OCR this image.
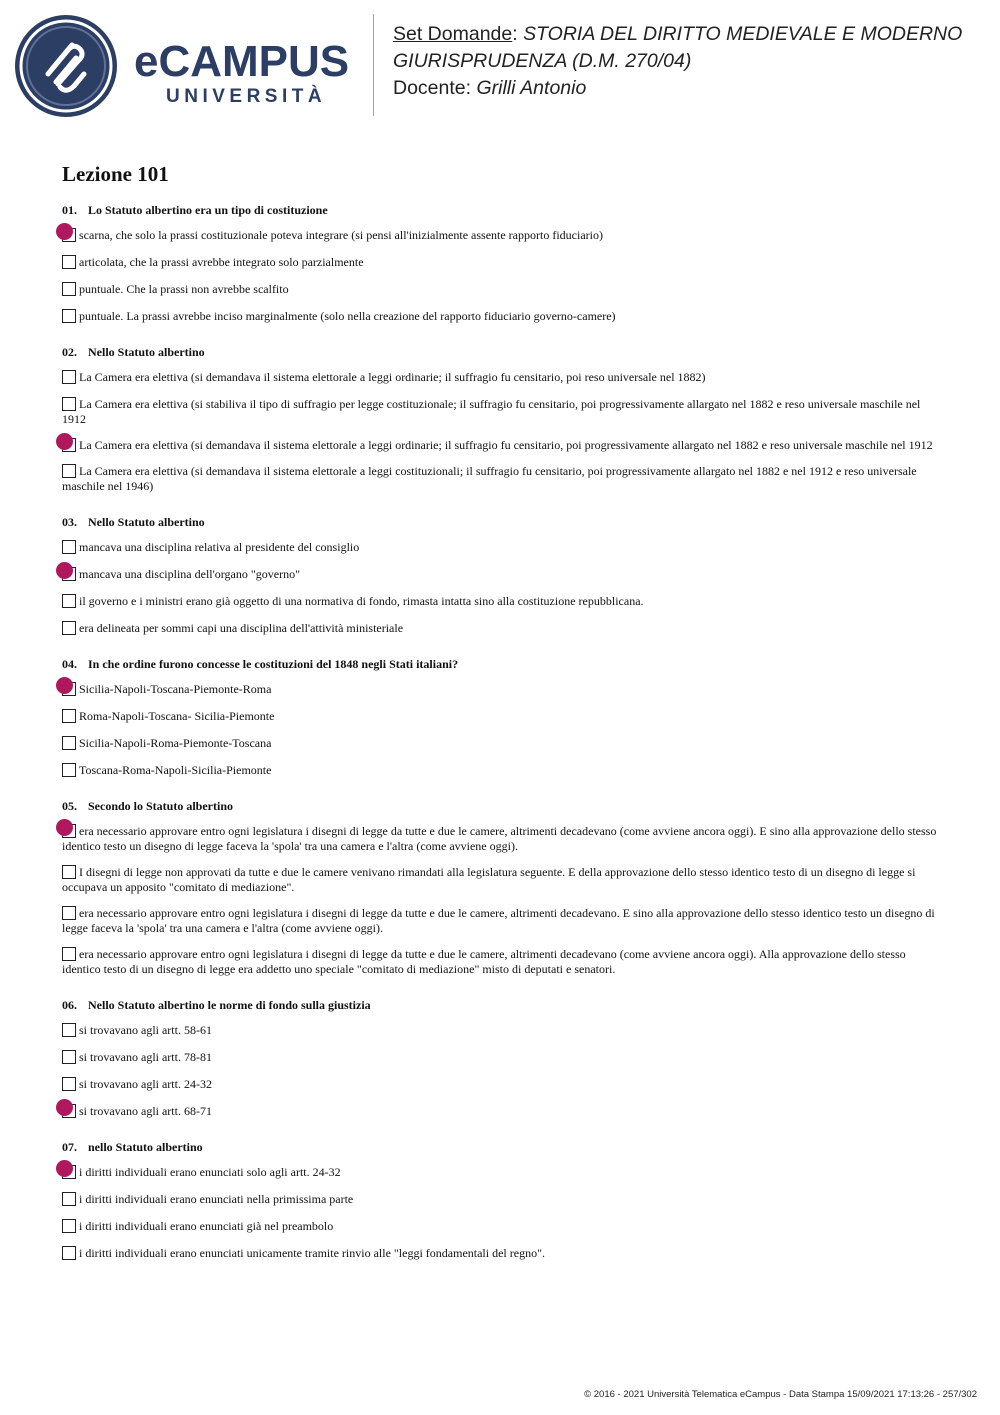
eCAMPUS
UNIVERSITÀ
Set Domande: STORIA DEL DIRITTO MEDIEVALE E MODERNO
GIURISPRUDENZA (D.M. 270/04)
Docente: Grilli Antonio
Lezione 101
01. Lo Statuto albertino era un tipo di costituzione
scarna, che solo la prassi costituzionale poteva integrare (si pensi all'inizialmente assente rapporto fiduciario)
articolata, che la prassi avrebbe integrato solo parzialmente
puntuale. Che la prassi non avrebbe scalfito
puntuale. La prassi avrebbe inciso marginalmente (solo nella creazione del rapporto fiduciario governo-camere)
02. Nello Statuto albertino
La Camera era elettiva (si demandava il sistema elettorale a leggi ordinarie; il suffragio fu censitario, poi reso universale nel 1882)
La Camera era elettiva (si stabiliva il tipo di suffragio per legge costituzionale; il suffragio fu censitario, poi progressivamente allargato nel 1882 e reso universale maschile nel 1912
La Camera era elettiva (si demandava il sistema elettorale a leggi ordinarie; il suffragio fu censitario, poi progressivamente allargato nel 1882 e reso universale maschile nel 1912
La Camera era elettiva (si demandava il sistema elettorale a leggi costituzionali; il suffragio fu censitario, poi progressivamente allargato nel 1882 e nel 1912 e reso universale maschile nel 1946)
03. Nello Statuto albertino
mancava una disciplina relativa al presidente del consiglio
mancava una disciplina dell'organo "governo"
il governo e i ministri erano già oggetto di una normativa di fondo, rimasta intatta sino alla costituzione repubblicana.
era delineata per sommi capi una disciplina dell'attività ministeriale
04. In che ordine furono concesse le costituzioni del 1848 negli Stati italiani?
Sicilia-Napoli-Toscana-Piemonte-Roma
Roma-Napoli-Toscana- Sicilia-Piemonte
Sicilia-Napoli-Roma-Piemonte-Toscana
Toscana-Roma-Napoli-Sicilia-Piemonte
05. Secondo lo Statuto albertino
era necessario approvare entro ogni legislatura i disegni di legge da tutte e due le camere, altrimenti decadevano (come avviene ancora oggi). E sino alla approvazione dello stesso identico testo un disegno di legge faceva la 'spola' tra una camera e l'altra (come avviene oggi).
I disegni di legge non approvati da tutte e due le camere venivano rimandati alla legislatura seguente. E della approvazione dello stesso identico testo di un disegno di legge si occupava un apposito "comitato di mediazione".
era necessario approvare entro ogni legislatura i disegni di legge da tutte e due le camere, altrimenti decadevano. E sino alla approvazione dello stesso identico testo un disegno di legge faceva la 'spola' tra una camera e l'altra (come avviene oggi).
era necessario approvare entro ogni legislatura i disegni di legge da tutte e due le camere, altrimenti decadevano (come avviene ancora oggi). Alla approvazione dello stesso identico testo di un disegno di legge era addetto uno speciale "comitato di mediazione" misto di deputati e senatori.
06. Nello Statuto albertino le norme di fondo sulla giustizia
si trovavano agli artt. 58-61
si trovavano agli artt. 78-81
si trovavano agli artt. 24-32
si trovavano agli artt. 68-71
07. nello Statuto albertino
i diritti individuali erano enunciati solo agli artt. 24-32
i diritti individuali erano enunciati nella primissima parte
i diritti individuali erano enunciati già nel preambolo
i diritti individuali erano enunciati unicamente tramite rinvio alle "leggi fondamentali del regno".
© 2016 - 2021 Università Telematica eCampus - Data Stampa 15/09/2021 17:13:26 - 257/302
